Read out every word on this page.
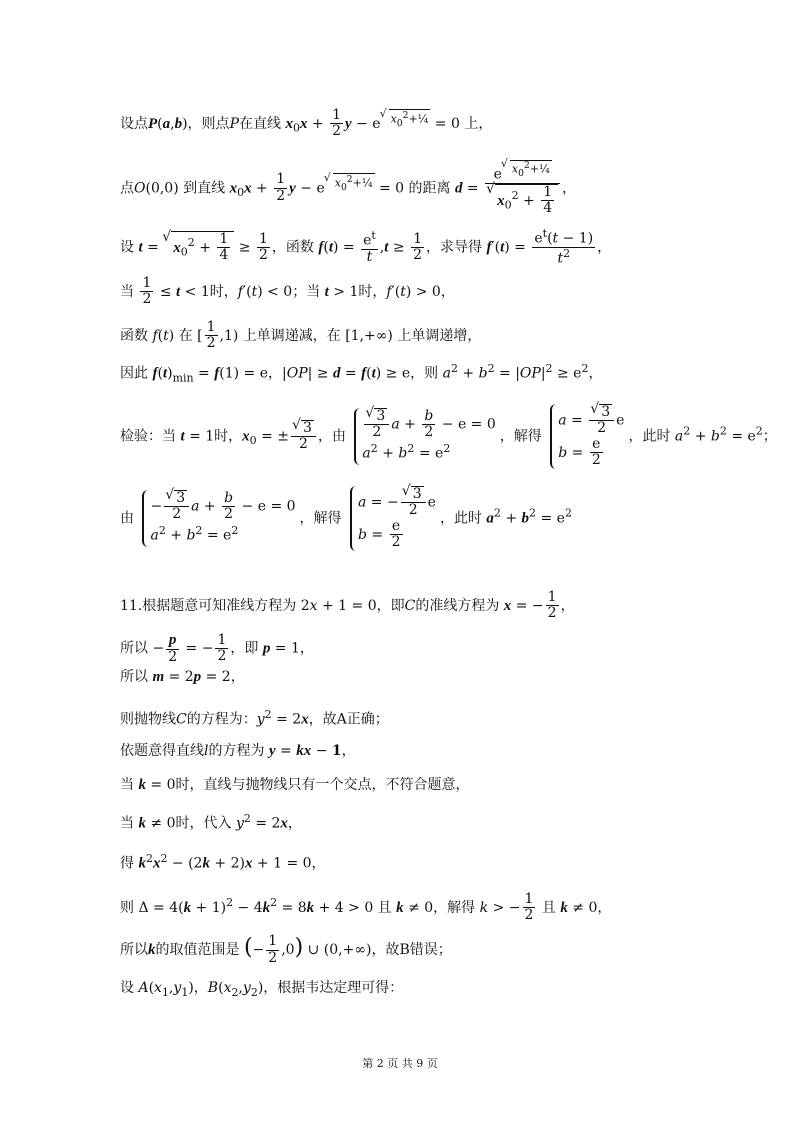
设点P(a,b)，则点P在直线 $x_0x + \frac{1}{2}$ y − e √ $^{x_0^2+\frac{1}{4}}$ = 0 上，
点O(0,0) 到直线 $x_0x + \frac{1}{2}$ y − e √ $^{x_0^2+\frac{1}{4}}$ = 0 的距离 d = e √ $^{x_0^2+\frac{1}{4}}$
√ $x_0^2 + \frac{1}{4}$ ，
设 t = √ $x_0^2 + \frac{1}{4} \ge \frac{1}{2}$ ，函数 $f(t) = \frac{e^t}{t} ,t \ge \frac{1}{2}$ ，求导得 $f'(t) = \frac{e^t(t - 1)}{t^2}$ ，
当 $\frac{1}{2} \le t < 1$时，f′(t) < 0；当 t > 1时，f′(t) > 0，
函数 f(t) 在 [ $\frac{1}{2} ,1$) 上单调递减，在 [1,+∞) 上单调递增，
因此 $f(t)_{min} = f(1) = e$，|OP| ≥ d = f(t) ≥ e，则 $a^2 + b^2 = |OP|^2 \ge e^2$，
检验：当 t = 1时，$x_0$ = ± √ $\frac{3}{2}$ ，由 √ $\frac{3}{2}$ $a + \frac{b}{2} - e = 0$
$a^2 + b^2 = e^2$
，解得
a = √ $\frac{3}{2}$ e
$b = \frac{e}{2}$
，此时 $a^2 + b^2 = e^2$；
由
− √ $\frac{3}{2}$ $a + \frac{b}{2} - e = 0$
$a^2 + b^2 = e^2$
，解得
a = − √ $\frac{3}{2}$ e
$b = \frac{e}{2}$
，此时 $a^2 + b^2 = e^2$
11.根据题意可知准线方程为 2x + 1 = 0，即C的准线方程为 x = − $\frac{1}{2}$ ，
所以 − $\frac{p}{2}$ = − $\frac{1}{2}$ ，即 p = 1，
所以 m = 2p = 2，
则抛物线C的方程为：$y^2 = 2x$，故A正确；
依题意得直线l的方程为 y = kx − 1，
当 k = 0时，直线与抛物线只有一个交点，不符合题意，
当 k ≠ 0时，代入 $y^2 = 2x$，
得 $k^2x^2 - (2k + 2)x + 1 = 0$，
则 $\Delta = 4(k + 1)^2 - 4k^2 = 8k + 4 > 0$ 且 k ≠ 0，解得 k > − $\frac{1}{2}$ 且 k ≠ 0，
所以k的取值范围是 (− $\frac{1}{2} ,0$) ∪ (0,+∞)，故B错误；
设 $A(x_1,y_1)$，$B(x_2,y_2)$，根据韦达定理可得：
第 2 页 共 9 页
